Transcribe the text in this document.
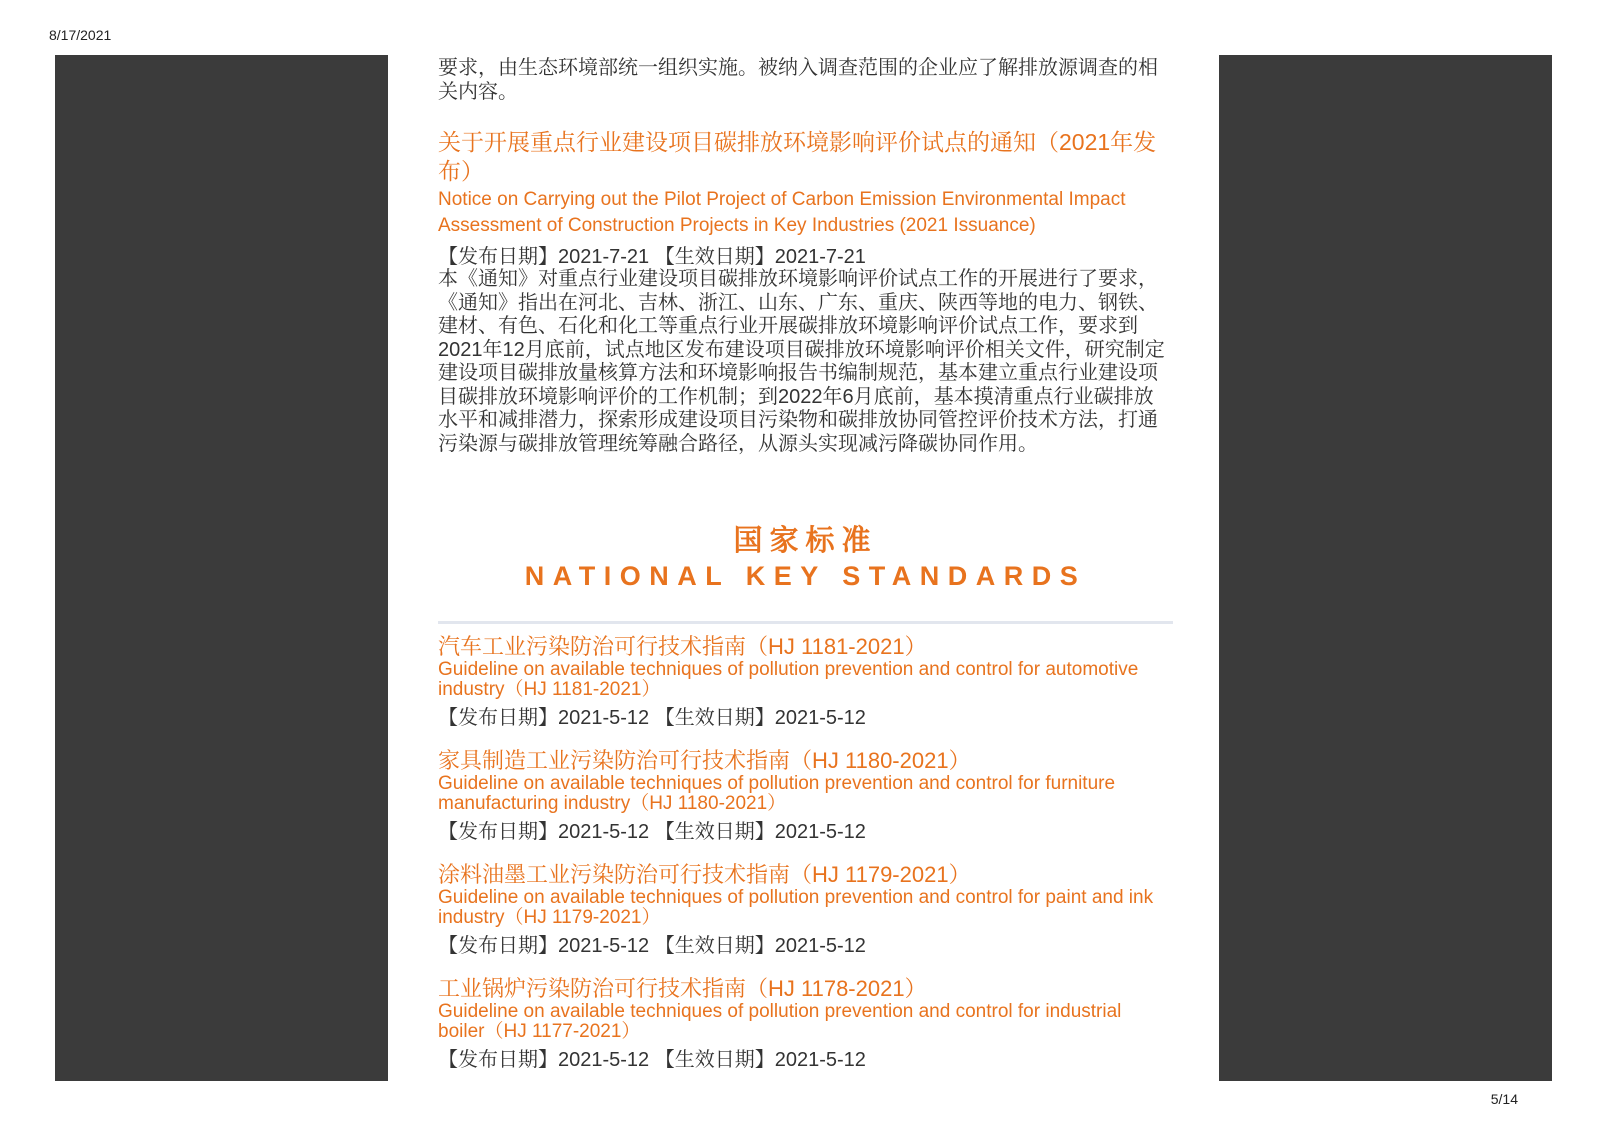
8/17/2021

要求，由生态环境部统一组织实施。被纳入调查范围的企业应了解排放源调查的相关内容。

关于开展重点行业建设项目碳排放环境影响评价试点的通知（2021年发布）

Notice on Carrying out the Pilot Project of Carbon Emission Environmental Impact Assessment of Construction Projects in Key Industries (2021 Issuance)

【发布日期】2021-7-21 【生效日期】2021-7-21

本《通知》对重点行业建设项目碳排放环境影响评价试点工作的开展进行了要求，《通知》指出在河北、吉林、浙江、山东、广东、重庆、陕西等地的电力、钢铁、建材、有色、石化和化工等重点行业开展碳排放环境影响评价试点工作，要求到2021年12月底前，试点地区发布建设项目碳排放环境影响评价相关文件，研究制定建设项目碳排放量核算方法和环境影响报告书编制规范，基本建立重点行业建设项目碳排放环境影响评价的工作机制；到2022年6月底前，基本摸清重点行业碳排放水平和减排潜力，探索形成建设项目污染物和碳排放协同管控评价技术方法，打通污染源与碳排放管理统筹融合路径，从源头实现减污降碳协同作用。

国家标准
NATIONAL KEY STANDARDS

汽车工业污染防治可行技术指南（HJ 1181-2021）

Guideline on available techniques of pollution prevention and control for automotive industry（HJ 1181-2021）

【发布日期】2021-5-12 【生效日期】2021-5-12

家具制造工业污染防治可行技术指南（HJ 1180-2021）

Guideline on available techniques of pollution prevention and control for furniture manufacturing industry（HJ 1180-2021）

【发布日期】2021-5-12 【生效日期】2021-5-12

涂料油墨工业污染防治可行技术指南（HJ 1179-2021）

Guideline on available techniques of pollution prevention and control for paint and ink industry（HJ 1179-2021）

【发布日期】2021-5-12 【生效日期】2021-5-12

工业锅炉污染防治可行技术指南（HJ 1178-2021）

Guideline on available techniques of pollution prevention and control for industrial boiler（HJ 1177-2021）

【发布日期】2021-5-12 【生效日期】2021-5-12
5/14
